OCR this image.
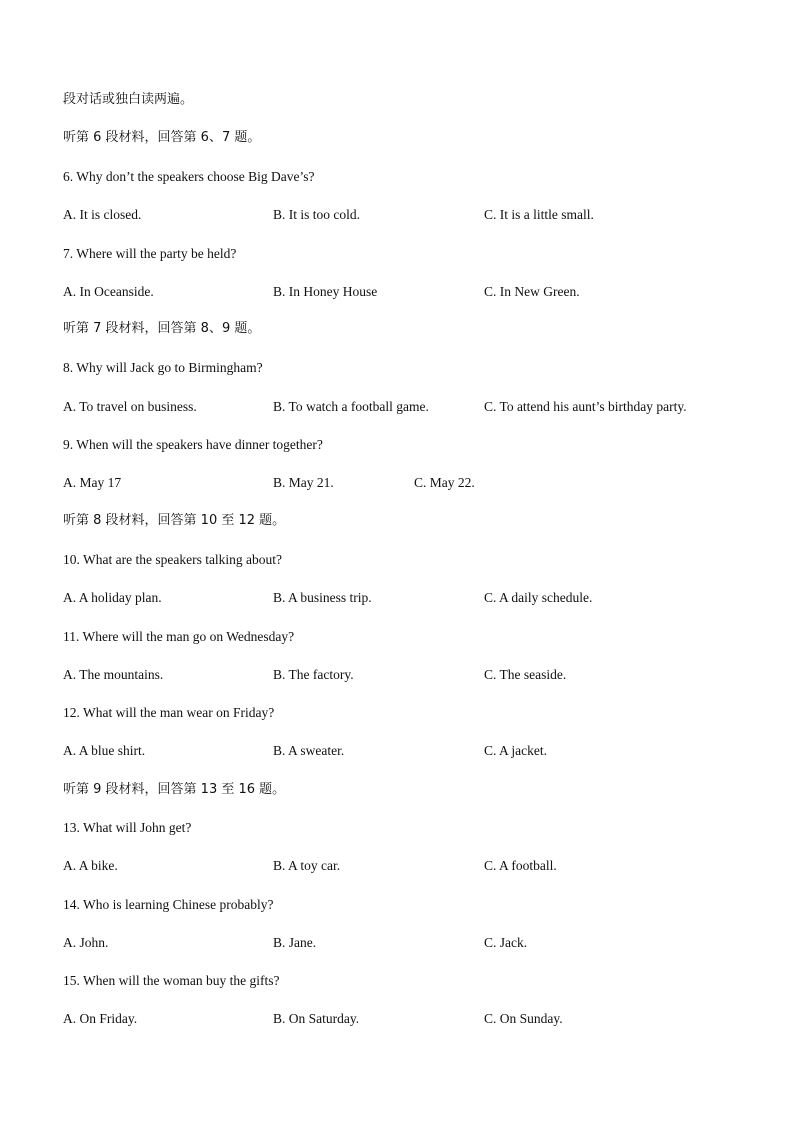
段对话或独白读两遍。
听第 6 段材料，回答第 6、7 题。
6. Why don’t the speakers choose Big Dave’s?
A. It is closed.	B. It is too cold.	C. It is a little small.
7. Where will the party be held?
A. In Oceanside.	B. In Honey House	C. In New Green.
听第 7 段材料，回答第 8、9 题。
8. Why will Jack go to Birmingham?
A. To travel on business.	B. To watch a football game.	C. To attend his aunt’s birthday party.
9. When will the speakers have dinner together?
A. May 17	B. May 21.	C. May 22.
听第 8 段材料，回答第 10 至 12 题。
10. What are the speakers talking about?
A. A holiday plan.	B. A business trip.	C. A daily schedule.
11. Where will the man go on Wednesday?
A. The mountains.	B. The factory.	C. The seaside.
12. What will the man wear on Friday?
A. A blue shirt.	B. A sweater.	C. A jacket.
听第 9 段材料，回答第 13 至 16 题。
13. What will John get?
A. A bike.	B. A toy car.	C. A football.
14. Who is learning Chinese probably?
A. John.	B. Jane.	C. Jack.
15. When will the woman buy the gifts?
A. On Friday.	B. On Saturday.	C. On Sunday.
